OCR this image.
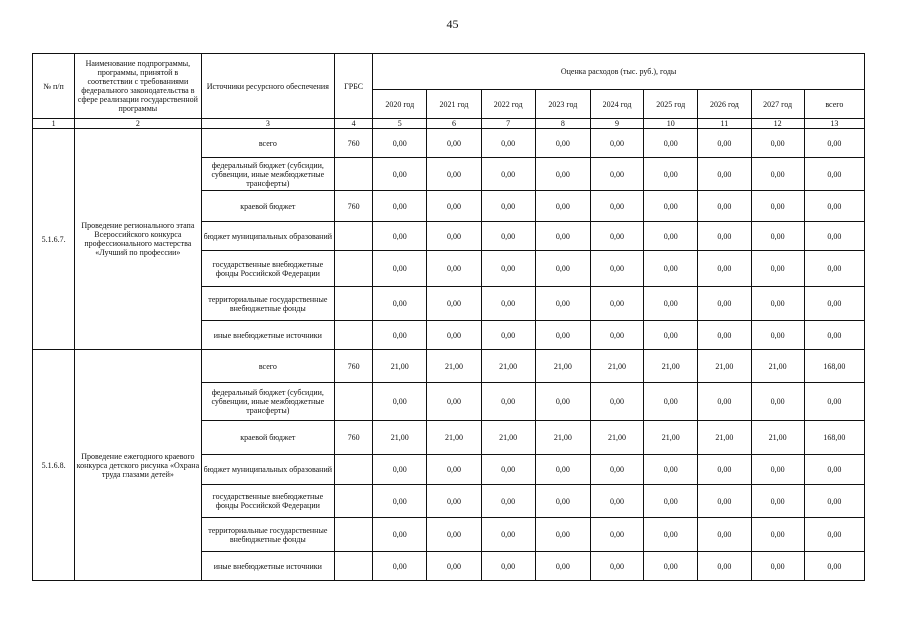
45
№ п/п	Наименование подпрограммы, программы, принятой в соответствии с требованиями федерального законодательства в сфере реализации государственной программы	Источники ресурсного обеспечения	ГРБС	Оценка расходов (тыс. руб.), годы								
				2020 год	2021 год	2022 год	2023 год	2024 год	2025 год	2026 год	2027 год	всего
1	2	3	4	5	6	7	8	9	10	11	12	13
5.1.6.7.	Проведение регионального этапа Всероссийского конкурса профессионального мастерства «Лучший по профессии»	всего	760	0,00	0,00	0,00	0,00	0,00	0,00	0,00	0,00	0,00
		федеральный бюджет (субсидии, субвенции, иные межбюджетные трансферты)		0,00	0,00	0,00	0,00	0,00	0,00	0,00	0,00	0,00
		краевой бюджет	760	0,00	0,00	0,00	0,00	0,00	0,00	0,00	0,00	0,00
		бюджет муниципальных образований		0,00	0,00	0,00	0,00	0,00	0,00	0,00	0,00	0,00
		государственные внебюджетные фонды Российской Федерации		0,00	0,00	0,00	0,00	0,00	0,00	0,00	0,00	0,00
		территориальные государственные внебюджетные фонды		0,00	0,00	0,00	0,00	0,00	0,00	0,00	0,00	0,00
		иные внебюджетные источники		0,00	0,00	0,00	0,00	0,00	0,00	0,00	0,00	0,00
5.1.6.8.	Проведение ежегодного краевого конкурса детского рисунка «Охрана труда глазами детей»	всего	760	21,00	21,00	21,00	21,00	21,00	21,00	21,00	21,00	168,00
		федеральный бюджет (субсидии, субвенции, иные межбюджетные трансферты)		0,00	0,00	0,00	0,00	0,00	0,00	0,00	0,00	0,00
		краевой бюджет	760	21,00	21,00	21,00	21,00	21,00	21,00	21,00	21,00	168,00
		бюджет муниципальных образований		0,00	0,00	0,00	0,00	0,00	0,00	0,00	0,00	0,00
		государственные внебюджетные фонды Российской Федерации		0,00	0,00	0,00	0,00	0,00	0,00	0,00	0,00	0,00
		территориальные государственные внебюджетные фонды		0,00	0,00	0,00	0,00	0,00	0,00	0,00	0,00	0,00
		иные внебюджетные источники		0,00	0,00	0,00	0,00	0,00	0,00	0,00	0,00	0,00
